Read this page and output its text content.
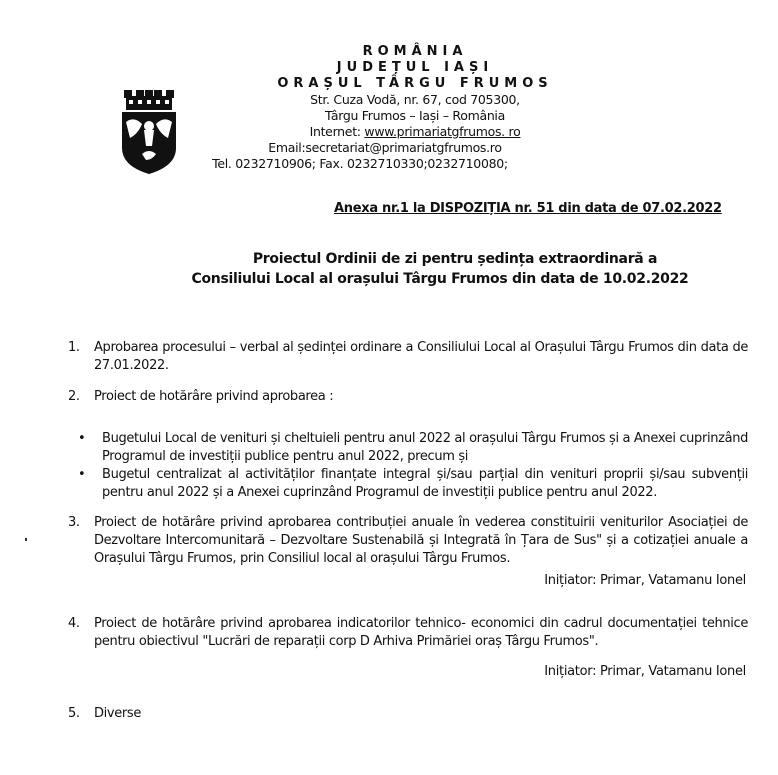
ROMÂNIA
JUDEȚUL IAȘI
ORAȘUL TÂRGU FRUMOS
Str. Cuza Vodă, nr. 67, cod 705300,
Târgu Frumos – Iași – România
Internet: www.primariatgfrumos. ro
Email:secretariat@primariatgfrumos.ro
Tel. 0232710906; Fax. 0232710330;0232710080;
Anexa nr.1 la DISPOZIȚIA nr. 51 din data de 07.02.2022
Proiectul Ordinii de zi pentru ședința extraordinară a
Consiliului Local al orașului Târgu Frumos din data de 10.02.2022
1. Aprobarea procesului – verbal al ședinței ordinare a Consiliului Local al Orașului Târgu Frumos din data de 27.01.2022.
2. Proiect de hotărâre privind aprobarea :
• Bugetului Local de venituri și cheltuieli pentru anul 2022 al orașului Târgu Frumos și a Anexei cuprinzând Programul de investiții publice pentru anul 2022, precum și
• Bugetul centralizat al activităților finanțate integral și/sau parțial din venituri proprii și/sau subvenții pentru anul 2022 și a Anexei cuprinzând Programul de investiții publice pentru anul 2022.
3. Proiect de hotărâre privind aprobarea contribuției anuale în vederea constituirii veniturilor Asociației de Dezvoltare Intercomunitară – Dezvoltare Sustenabilă și Integrată în Țara de Sus" și a cotizației anuale a Orașului Târgu Frumos, prin Consiliul local al orașului Târgu Frumos.
Inițiator: Primar, Vatamanu Ionel
4. Proiect de hotărâre privind aprobarea indicatorilor tehnico- economici din cadrul documentației tehnice pentru obiectivul "Lucrări de reparații corp D Arhiva Primăriei oraș Târgu Frumos".
Inițiator: Primar, Vatamanu Ionel
5. Diverse
